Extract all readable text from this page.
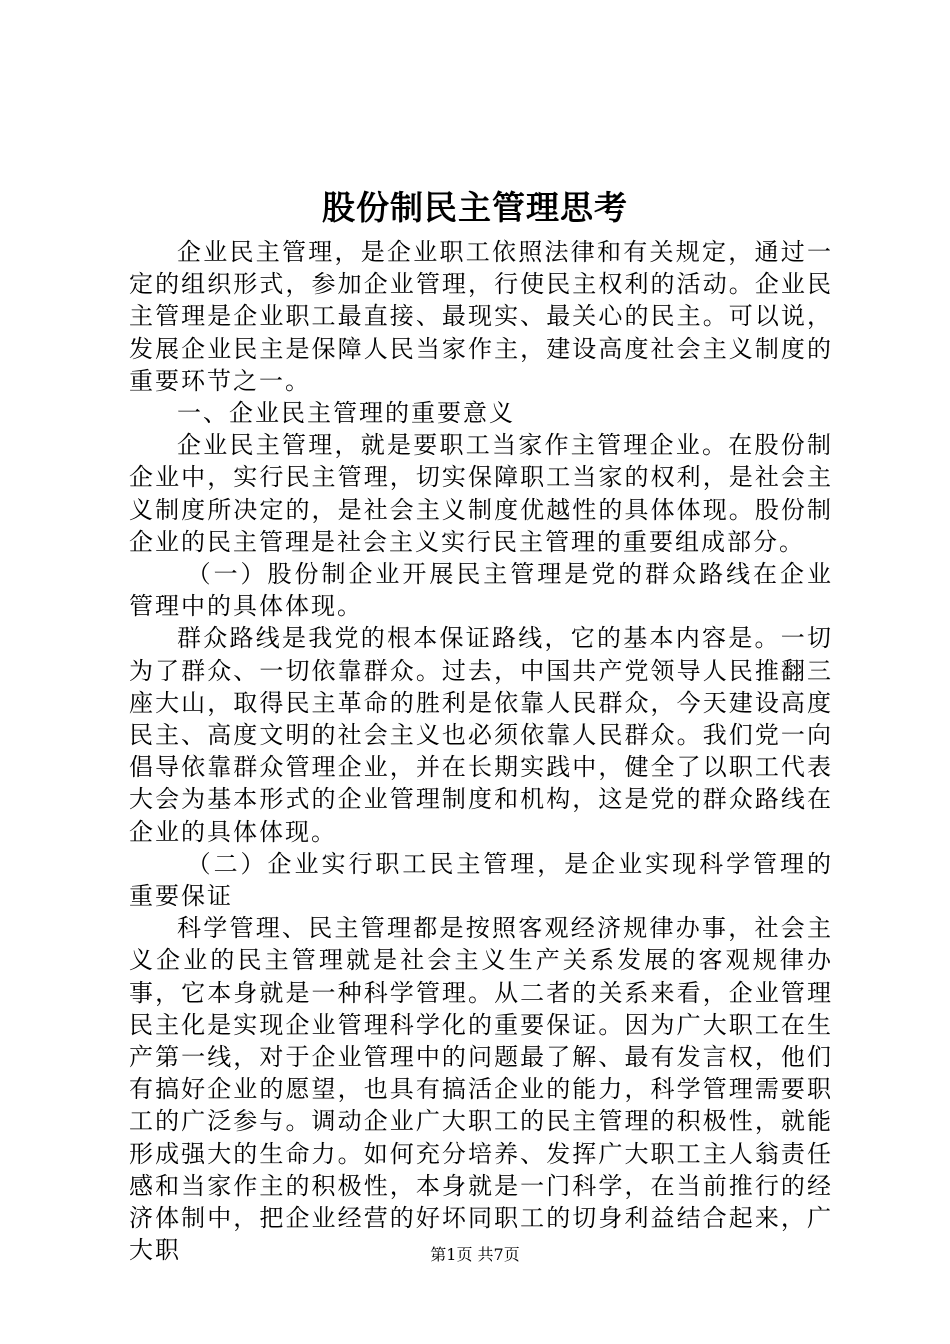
股份制民主管理思考

企业民主管理，是企业职工依照法律和有关规定，通过一定的组织形式，参加企业管理，行使民主权利的活动。企业民主管理是企业职工最直接、最现实、最关心的民主。可以说，发展企业民主是保障人民当家作主，建设高度社会主义制度的重要环节之一。

一、企业民主管理的重要意义

企业民主管理，就是要职工当家作主管理企业。在股份制企业中，实行民主管理，切实保障职工当家的权利，是社会主义制度所决定的，是社会主义制度优越性的具体体现。股份制企业的民主管理是社会主义实行民主管理的重要组成部分。

（一）股份制企业开展民主管理是党的群众路线在企业管理中的具体体现。

群众路线是我党的根本保证路线，它的基本内容是。一切为了群众、一切依靠群众。过去，中国共产党领导人民推翻三座大山，取得民主革命的胜利是依靠人民群众，今天建设高度民主、高度文明的社会主义也必须依靠人民群众。我们党一向倡导依靠群众管理企业，并在长期实践中，健全了以职工代表大会为基本形式的企业管理制度和机构，这是党的群众路线在企业的具体体现。

（二）企业实行职工民主管理，是企业实现科学管理的重要保证

科学管理、民主管理都是按照客观经济规律办事，社会主义企业的民主管理就是社会主义生产关系发展的客观规律办事，它本身就是一种科学管理。从二者的关系来看，企业管理民主化是实现企业管理科学化的重要保证。因为广大职工在生产第一线，对于企业管理中的问题最了解、最有发言权，他们有搞好企业的愿望，也具有搞活企业的能力，科学管理需要职工的广泛参与。调动企业广大职工的民主管理的积极性，就能形成强大的生命力。如何充分培养、发挥广大职工主人翁责任感和当家作主的积极性，本身就是一门科学，在当前推行的经济体制中，把企业经营的好坏同职工的切身利益结合起来，广大职	第1页 共7页
